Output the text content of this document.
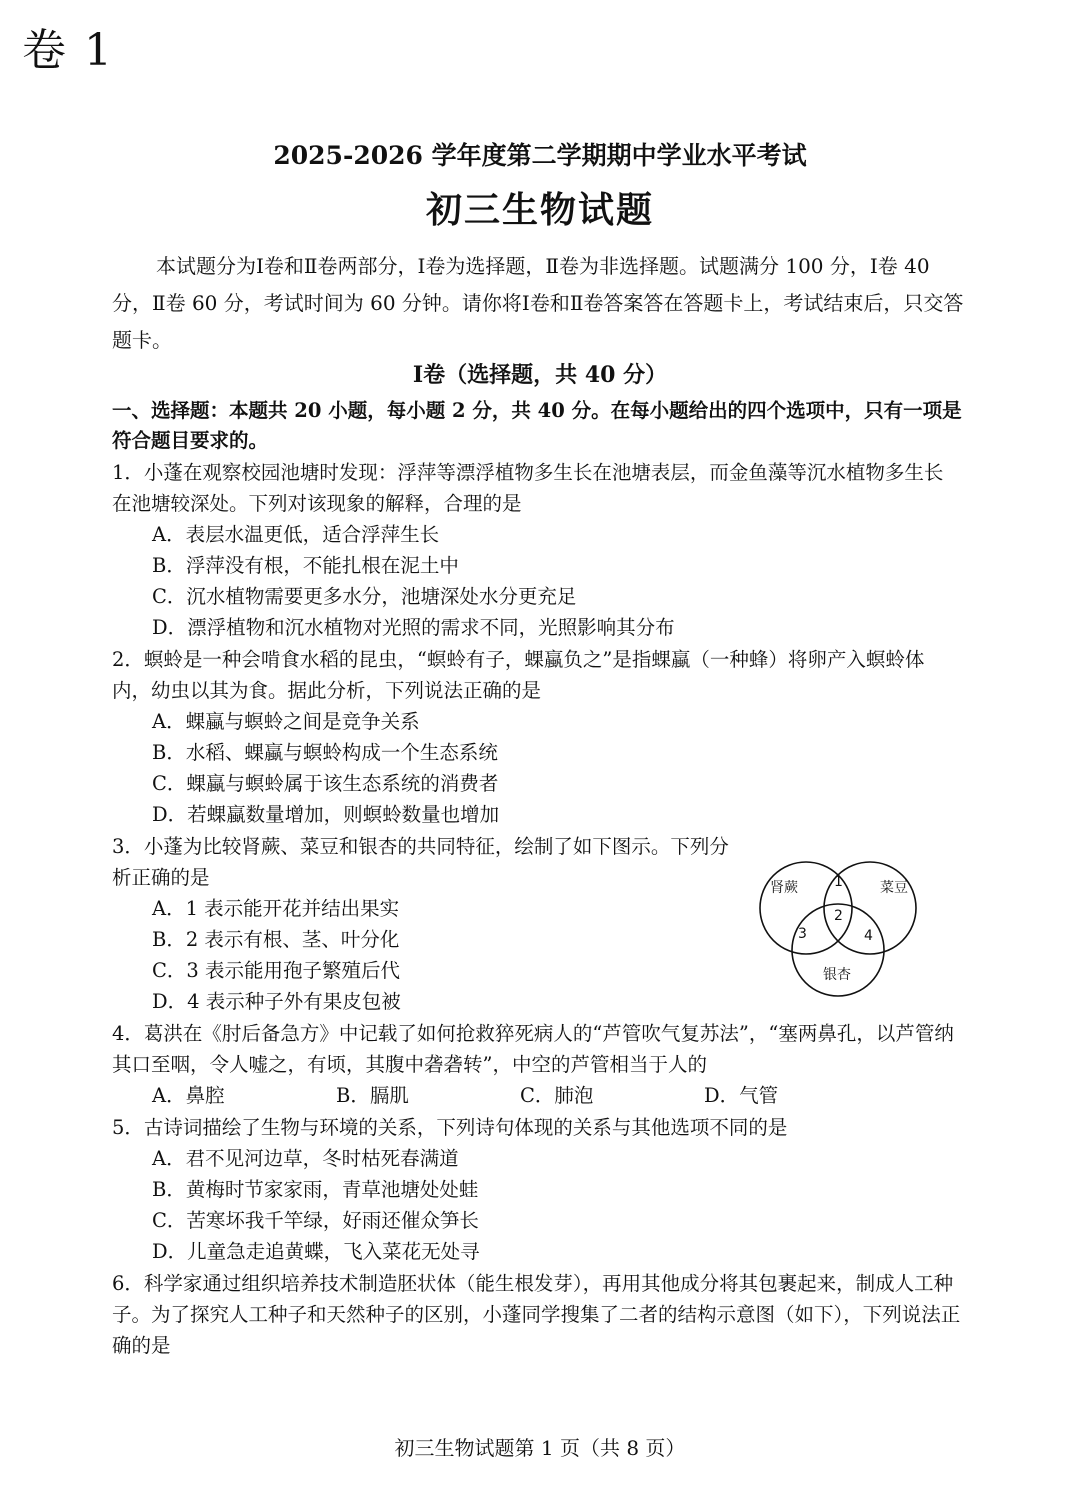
卷 1
2025-2026 学年度第二学期期中学业水平考试
初三生物试题

本试题分为Ⅰ卷和Ⅱ卷两部分，Ⅰ卷为选择题，Ⅱ卷为非选择题。试题满分 100 分，Ⅰ卷 40 分，Ⅱ卷 60 分，考试时间为 60 分钟。请你将Ⅰ卷和Ⅱ卷答案答在答题卡上，考试结束后，只交答题卡。

Ⅰ卷（选择题，共 40 分）
一、选择题：本题共 20 小题，每小题 2 分，共 40 分。在每小题给出的四个选项中，只有一项是符合题目要求的。

1．小蓬在观察校园池塘时发现：浮萍等漂浮植物多生长在池塘表层，而金鱼藻等沉水植物多生长在池塘较深处。下列对该现象的解释，合理的是

A．表层水温更低，适合浮萍生长
B．浮萍没有根，不能扎根在泥土中
C．沉水植物需要更多水分，池塘深处水分更充足
D．漂浮植物和沉水植物对光照的需求不同，光照影响其分布

2．螟蛉是一种会啃食水稻的昆虫，“螟蛉有子，蜾蠃负之”是指蜾蠃（一种蜂）将卵产入螟蛉体内，幼虫以其为食。据此分析，下列说法正确的是

A．蜾蠃与螟蛉之间是竞争关系
B．水稻、蜾蠃与螟蛉构成一个生态系统
C．蜾蠃与螟蛉属于该生态系统的消费者
D．若蜾蠃数量增加，则螟蛉数量也增加

3．小蓬为比较肾蕨、菜豆和银杏的共同特征，绘制了如下图示。下列分析正确的是

A．1 表示能开花并结出果实
B．2 表示有根、茎、叶分化
C．3 表示能用孢子繁殖后代
D．4 表示种子外有果皮包被

4．葛洪在《肘后备急方》中记载了如何抢救猝死病人的“芦管吹气复苏法”，“塞两鼻孔，以芦管纳其口至咽，令人嘘之，有顷，其腹中砻砻转”，中空的芦管相当于人的

A．鼻腔	B．膈肌	C．肺泡	D．气管

5．古诗词描绘了生物与环境的关系，下列诗句体现的关系与其他选项不同的是

A．君不见河边草，冬时枯死春满道
B．黄梅时节家家雨，青草池塘处处蛙
C．苦寒坏我千竿绿，好雨还催众笋长
D．儿童急走追黄蝶，飞入菜花无处寻

6．科学家通过组织培养技术制造胚状体（能生根发芽），再用其他成分将其包裹起来，制成人工种子。为了探究人工种子和天然种子的区别，小蓬同学搜集了二者的结构示意图（如下），下列说法正确的是

肾蕨	菜豆
银杏
1
2
3	4
初三生物试题第 1 页（共 8 页）
